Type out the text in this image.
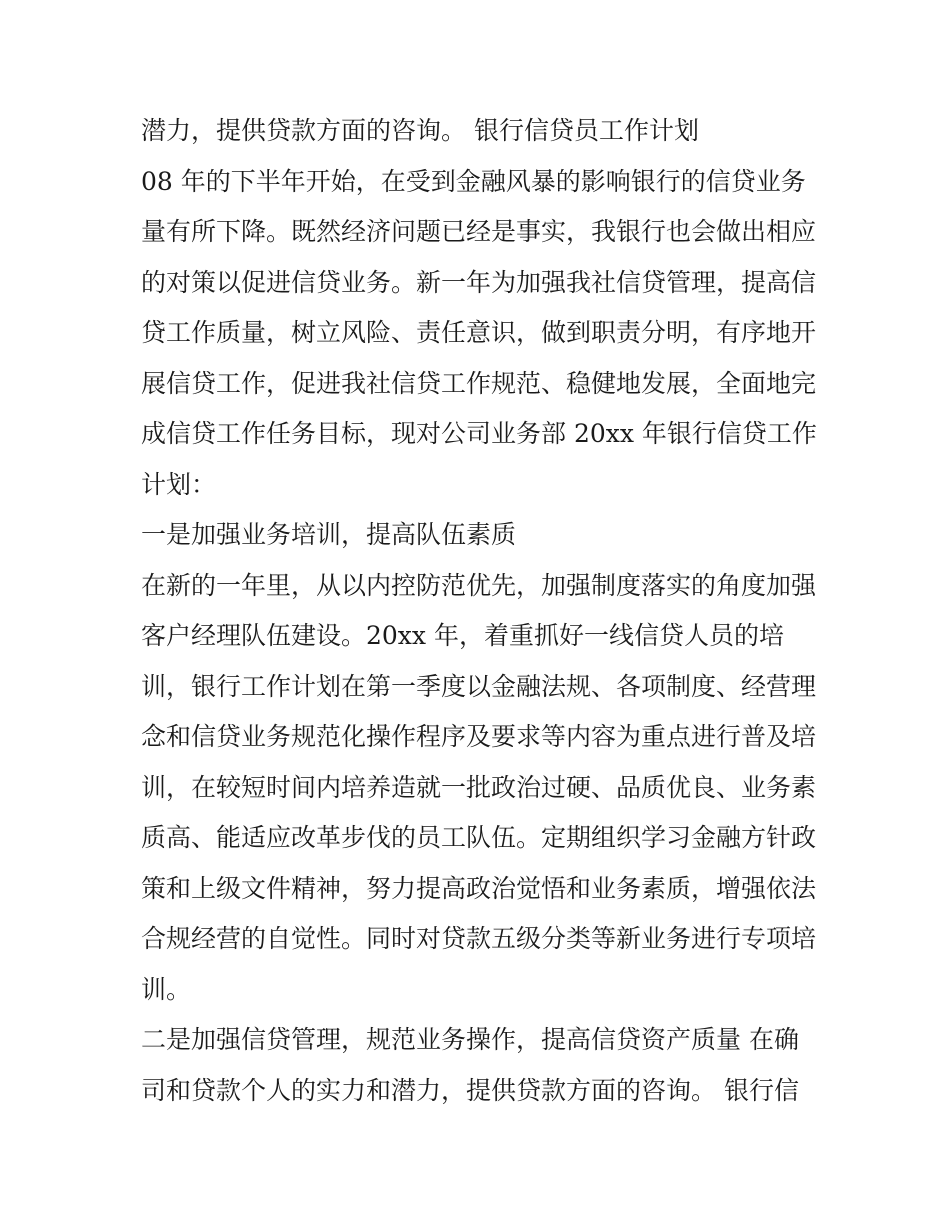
潜力，提供贷款方面的咨询。 银行信贷员工作计划
08 年的下半年开始，在受到金融风暴的影响银行的信贷业务
量有所下降。既然经济问题已经是事实，我银行也会做出相应
的对策以促进信贷业务。新一年为加强我社信贷管理，提高信
贷工作质量，树立风险、责任意识，做到职责分明，有序地开
展信贷工作，促进我社信贷工作规范、稳健地发展，全面地完
成信贷工作任务目标，现对公司业务部 20xx 年银行信贷工作
计划：
一是加强业务培训，提高队伍素质
在新的一年里，从以内控防范优先，加强制度落实的角度加强
客户经理队伍建设。20xx 年，着重抓好一线信贷人员的培
训，银行工作计划在第一季度以金融法规、各项制度、经营理
念和信贷业务规范化操作程序及要求等内容为重点进行普及培
训，在较短时间内培养造就一批政治过硬、品质优良、业务素
质高、能适应改革步伐的员工队伍。定期组织学习金融方针政
策和上级文件精神，努力提高政治觉悟和业务素质，增强依法
合规经营的自觉性。同时对贷款五级分类等新业务进行专项培
训。
二是加强信贷管理，规范业务操作，提高信贷资产质量 在确
司和贷款个人的实力和潜力，提供贷款方面的咨询。 银行信
